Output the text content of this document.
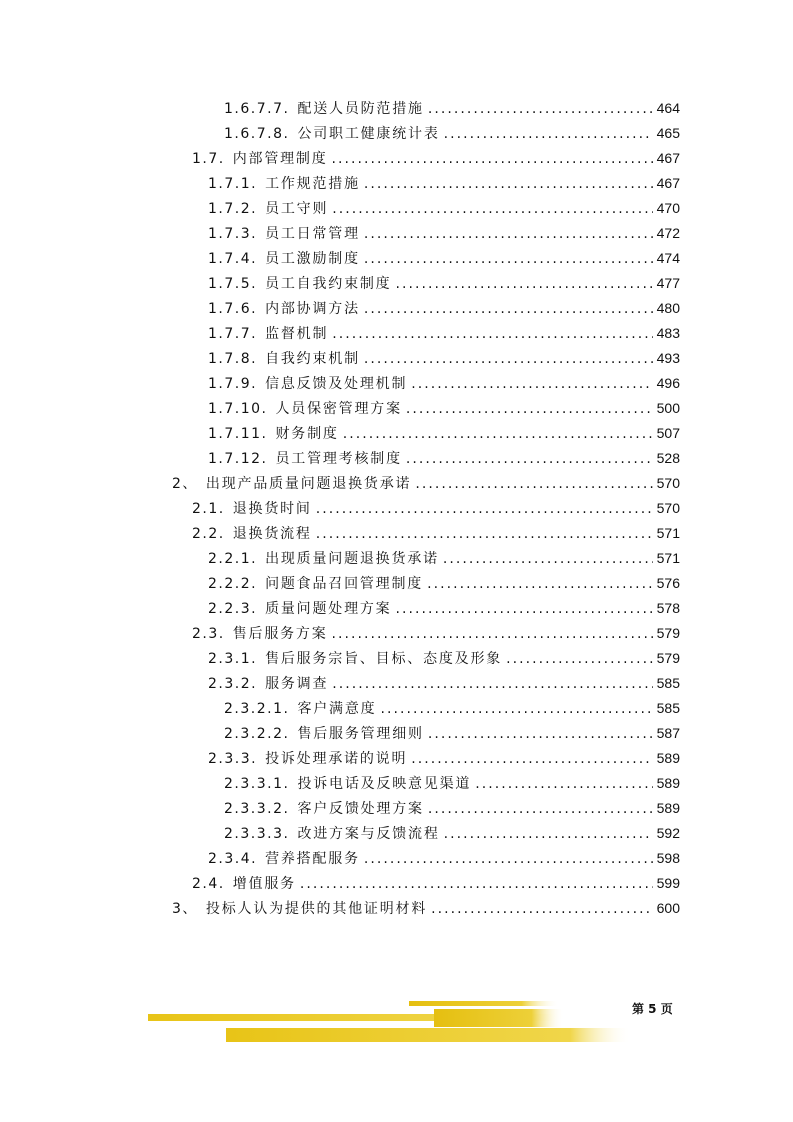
1.6.7.7. 配送人员防范措施 . . .	464
1.6.7.8. 公司职工健康统计表 . . .	465
1.7. 内部管理制度 . . .	467
1.7.1. 工作规范措施 . . .	467
1.7.2. 员工守则 . . .	470
1.7.3. 员工日常管理 . . .	472
1.7.4. 员工激励制度 . . .	474
1.7.5. 员工自我约束制度 . . .	477
1.7.6. 内部协调方法 . . .	480
1.7.7. 监督机制 . . .	483
1.7.8. 自我约束机制 . . .	493
1.7.9. 信息反馈及处理机制 . . .	496
1.7.10. 人员保密管理方案 . . .	500
1.7.11. 财务制度 . . .	507
1.7.12. 员工管理考核制度 . . .	528
2、 出现产品质量问题退换货承诺 . . .	570
2.1. 退换货时间 . . .	570
2.2. 退换货流程 . . .	571
2.2.1. 出现质量问题退换货承诺 . . .	571
2.2.2. 问题食品召回管理制度 . . .	576
2.2.3. 质量问题处理方案 . . .	578
2.3. 售后服务方案 . . .	579
2.3.1. 售后服务宗旨、目标、态度及形象 . . .	579
2.3.2. 服务调查 . . .	585
2.3.2.1. 客户满意度 . . .	585
2.3.2.2. 售后服务管理细则 . . .	587
2.3.3. 投诉处理承诺的说明 . . .	589
2.3.3.1. 投诉电话及反映意见渠道 . . .	589
2.3.3.2. 客户反馈处理方案 . . .	589
2.3.3.3. 改进方案与反馈流程 . . .	592
2.3.4. 营养搭配服务 . . .	598
2.4. 增值服务 . . .	599
3、 投标人认为提供的其他证明材料 . . .	600
第 5 页
